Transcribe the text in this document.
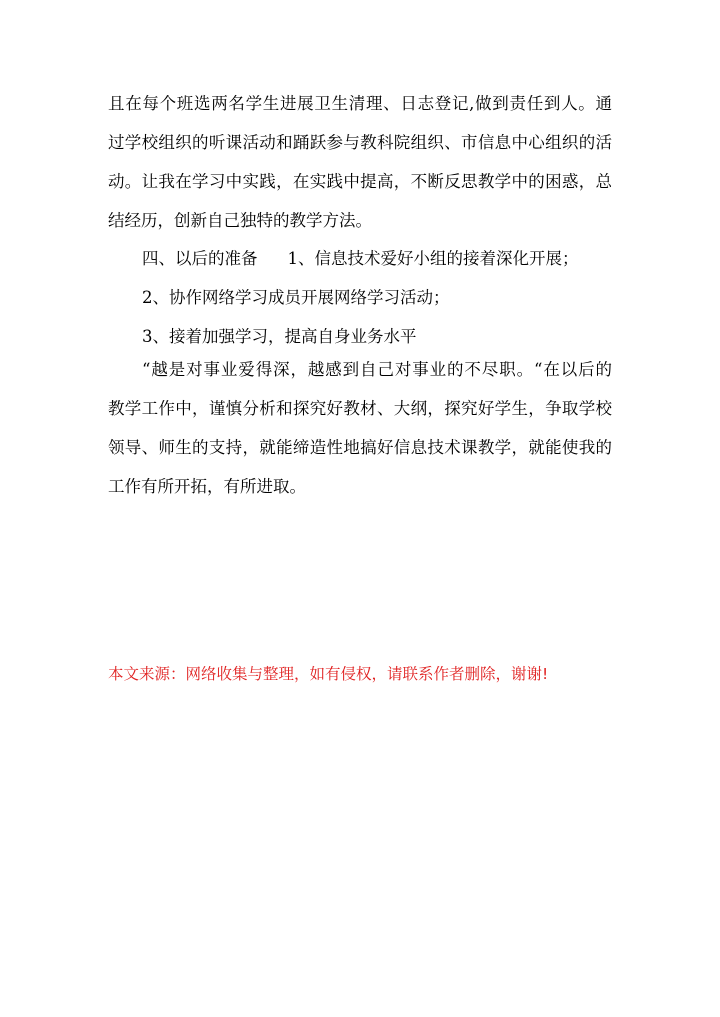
且在每个班选两名学生进展卫生清理、日志登记,做到责任到人。通
过学校组织的听课活动和踊跃参与教科院组织、市信息中心组织的活
动。让我在学习中实践，在实践中提高，不断反思教学中的困惑，总
结经历，创新自己独特的教学方法。
四、以后的准备 1、信息技术爱好小组的接着深化开展；
2、协作网络学习成员开展网络学习活动；
3、接着加强学习，提高自身业务水平
“越是对事业爱得深，越感到自己对事业的不尽职。“在以后的
教学工作中，谨慎分析和探究好教材、大纲，探究好学生，争取学校
领导、师生的支持，就能缔造性地搞好信息技术课教学，就能使我的
工作有所开拓，有所进取。
本文来源：网络收集与整理，如有侵权，请联系作者删除，谢谢!
